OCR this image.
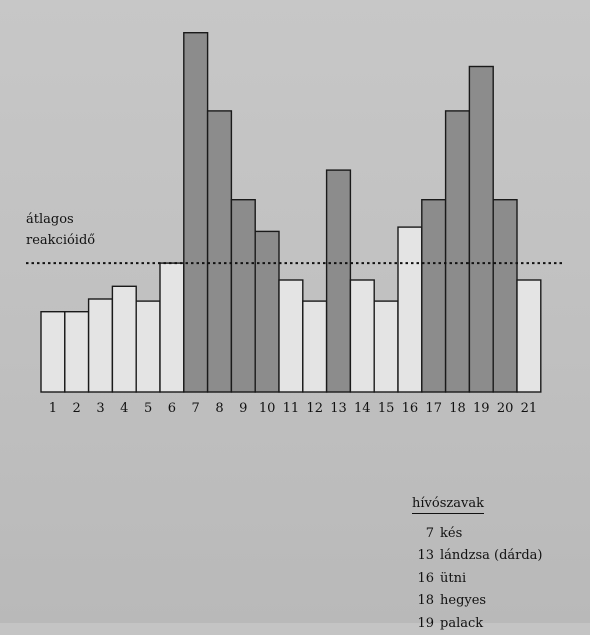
átlagos
reakcióidő
1 2 3 4 5 6 7 8 9 10 11 12 13 14 15 16 17 18 19 20 21
hívószavak
7 kés
13 lándzsa (dárda)
16 ütni
18 hegyes
19 palack
